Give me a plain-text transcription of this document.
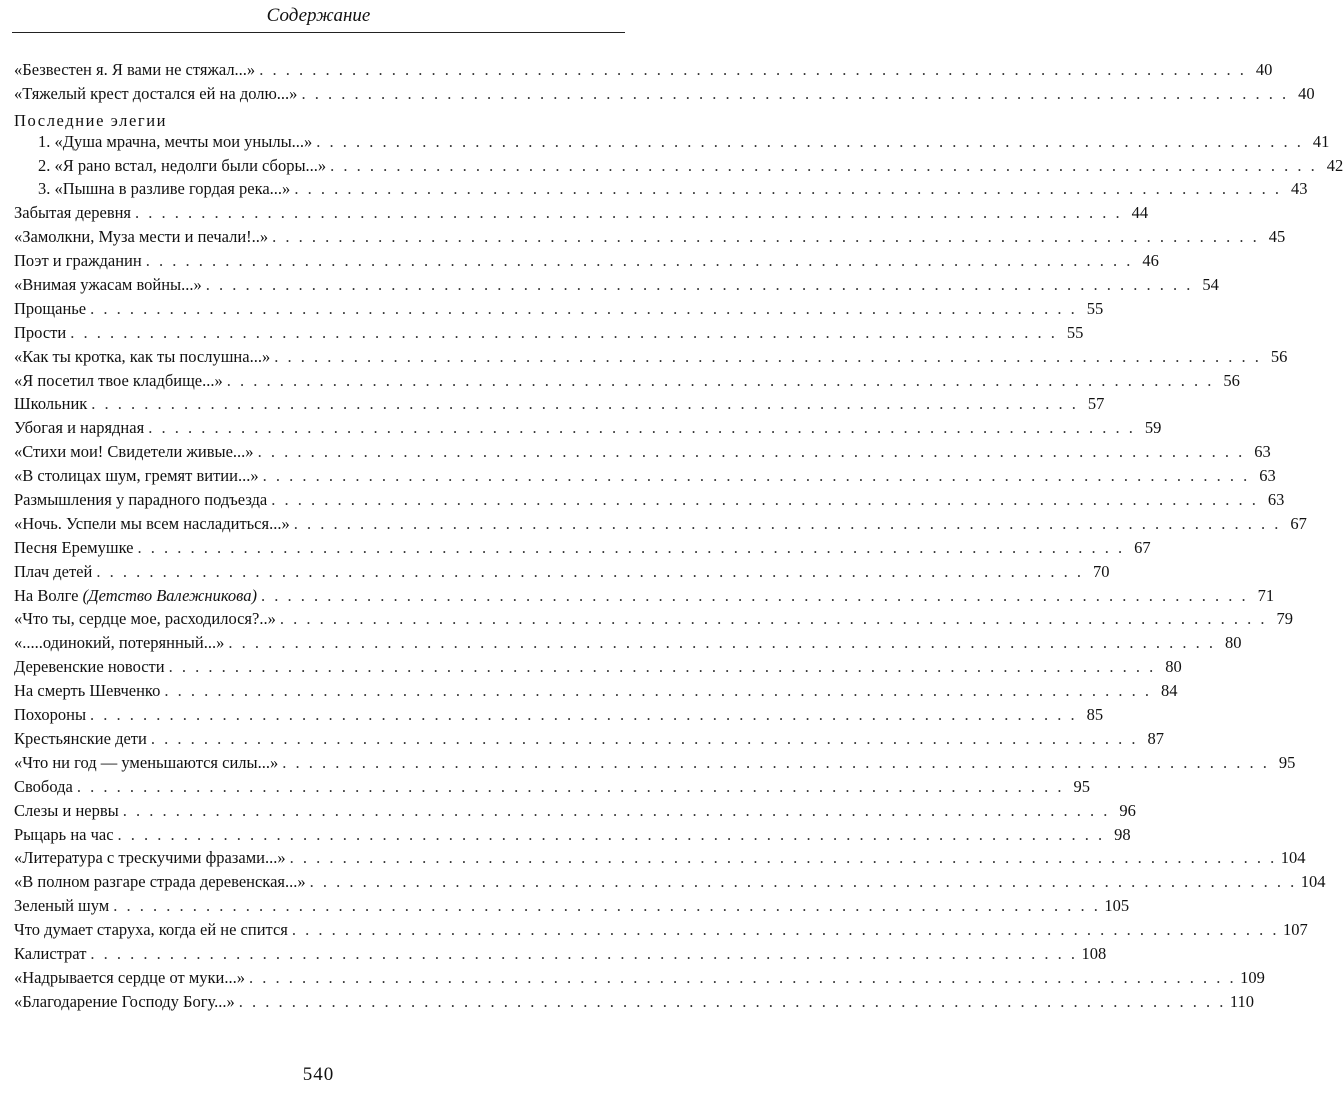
Содержание
«Безвестен я. Я вами не стяжал...» . . . . . . . . . . . . . . . . . . . . . . . . . . . . . . . . . . . . . . . . . . . . . . . . . . . . . . . . . . . . . . . . . . . . . . . . . . . 40
«Тяжелый крест достался ей на долю...» . . . . . . . . . . . . . . . . . . . . . . . . . . . . . . . . . . . . . . . . . . . . . . . . . . . . . . . . . . . . . . . . . . . . . . . . . . . 40
Последние элегии
1. «Душа мрачна, мечты мои унылы...» . . . . . . . . . . . . . . . . . . . . . . . . . . . . . . . . . . . . . . . . . . . . . . . . . . . . . . . . . . . . . . . . . . . . . . . . . . . 41
2. «Я рано встал, недолги были сборы...» . . . . . . . . . . . . . . . . . . . . . . . . . . . . . . . . . . . . . . . . . . . . . . . . . . . . . . . . . . . . . . . . . . . . . . . . . . . 42
3. «Пышна в разливе гордая река...» . . . . . . . . . . . . . . . . . . . . . . . . . . . . . . . . . . . . . . . . . . . . . . . . . . . . . . . . . . . . . . . . . . . . . . . . . . . 43
Забытая деревня . . . . . . . . . . . . . . . . . . . . . . . . . . . . . . . . . . . . . . . . . . . . . . . . . . . . . . . . . . . . . . . . . . . . . . . . . . . 44
«Замолкни, Муза мести и печали!..» . . . . . . . . . . . . . . . . . . . . . . . . . . . . . . . . . . . . . . . . . . . . . . . . . . . . . . . . . . . . . . . . . . . . . . . . . . . 45
Поэт и гражданин . . . . . . . . . . . . . . . . . . . . . . . . . . . . . . . . . . . . . . . . . . . . . . . . . . . . . . . . . . . . . . . . . . . . . . . . . . . 46
«Внимая ужасам войны...» . . . . . . . . . . . . . . . . . . . . . . . . . . . . . . . . . . . . . . . . . . . . . . . . . . . . . . . . . . . . . . . . . . . . . . . . . . . 54
Прощанье . . . . . . . . . . . . . . . . . . . . . . . . . . . . . . . . . . . . . . . . . . . . . . . . . . . . . . . . . . . . . . . . . . . . . . . . . . . 55
Прости . . . . . . . . . . . . . . . . . . . . . . . . . . . . . . . . . . . . . . . . . . . . . . . . . . . . . . . . . . . . . . . . . . . . . . . . . . . 55
«Как ты кротка, как ты послушна...» . . . . . . . . . . . . . . . . . . . . . . . . . . . . . . . . . . . . . . . . . . . . . . . . . . . . . . . . . . . . . . . . . . . . . . . . . . . 56
«Я посетил твое кладбище...» . . . . . . . . . . . . . . . . . . . . . . . . . . . . . . . . . . . . . . . . . . . . . . . . . . . . . . . . . . . . . . . . . . . . . . . . . . . 56
Школьник . . . . . . . . . . . . . . . . . . . . . . . . . . . . . . . . . . . . . . . . . . . . . . . . . . . . . . . . . . . . . . . . . . . . . . . . . . . 57
Убогая и нарядная . . . . . . . . . . . . . . . . . . . . . . . . . . . . . . . . . . . . . . . . . . . . . . . . . . . . . . . . . . . . . . . . . . . . . . . . . . . 59
«Стихи мои! Свидетели живые...» . . . . . . . . . . . . . . . . . . . . . . . . . . . . . . . . . . . . . . . . . . . . . . . . . . . . . . . . . . . . . . . . . . . . . . . . . . . 63
«В столицах шум, гремят витии...» . . . . . . . . . . . . . . . . . . . . . . . . . . . . . . . . . . . . . . . . . . . . . . . . . . . . . . . . . . . . . . . . . . . . . . . . . . . 63
Размышления у парадного подъезда . . . . . . . . . . . . . . . . . . . . . . . . . . . . . . . . . . . . . . . . . . . . . . . . . . . . . . . . . . . . . . . . . . . . . . . . . . . 63
«Ночь. Успели мы всем насладиться...» . . . . . . . . . . . . . . . . . . . . . . . . . . . . . . . . . . . . . . . . . . . . . . . . . . . . . . . . . . . . . . . . . . . . . . . . . . . 67
Песня Еремушке . . . . . . . . . . . . . . . . . . . . . . . . . . . . . . . . . . . . . . . . . . . . . . . . . . . . . . . . . . . . . . . . . . . . . . . . . . . 67
Плач детей . . . . . . . . . . . . . . . . . . . . . . . . . . . . . . . . . . . . . . . . . . . . . . . . . . . . . . . . . . . . . . . . . . . . . . . . . . . 70
На Волге (Детство Валежникова) . . . . . . . . . . . . . . . . . . . . . . . . . . . . . . . . . . . . . . . . . . . . . . . . . . . . . . . . . . . . . . . . . . . . . . . . . . . 71
«Что ты, сердце мое, расходилося?..» . . . . . . . . . . . . . . . . . . . . . . . . . . . . . . . . . . . . . . . . . . . . . . . . . . . . . . . . . . . . . . . . . . . . . . . . . . . 79
«.....одинокий, потерянный...» . . . . . . . . . . . . . . . . . . . . . . . . . . . . . . . . . . . . . . . . . . . . . . . . . . . . . . . . . . . . . . . . . . . . . . . . . . . 80
Деревенские новости . . . . . . . . . . . . . . . . . . . . . . . . . . . . . . . . . . . . . . . . . . . . . . . . . . . . . . . . . . . . . . . . . . . . . . . . . . . 80
На смерть Шевченко . . . . . . . . . . . . . . . . . . . . . . . . . . . . . . . . . . . . . . . . . . . . . . . . . . . . . . . . . . . . . . . . . . . . . . . . . . . 84
Похороны . . . . . . . . . . . . . . . . . . . . . . . . . . . . . . . . . . . . . . . . . . . . . . . . . . . . . . . . . . . . . . . . . . . . . . . . . . . 85
Крестьянские дети . . . . . . . . . . . . . . . . . . . . . . . . . . . . . . . . . . . . . . . . . . . . . . . . . . . . . . . . . . . . . . . . . . . . . . . . . . . 87
«Что ни год — уменьшаются силы...» . . . . . . . . . . . . . . . . . . . . . . . . . . . . . . . . . . . . . . . . . . . . . . . . . . . . . . . . . . . . . . . . . . . . . . . . . . . 95
Свобода . . . . . . . . . . . . . . . . . . . . . . . . . . . . . . . . . . . . . . . . . . . . . . . . . . . . . . . . . . . . . . . . . . . . . . . . . . . 95
Слезы и нервы . . . . . . . . . . . . . . . . . . . . . . . . . . . . . . . . . . . . . . . . . . . . . . . . . . . . . . . . . . . . . . . . . . . . . . . . . . . 96
Рыцарь на час . . . . . . . . . . . . . . . . . . . . . . . . . . . . . . . . . . . . . . . . . . . . . . . . . . . . . . . . . . . . . . . . . . . . . . . . . . . 98
«Литература с трескучими фразами...» . . . . . . . . . . . . . . . . . . . . . . . . . . . . . . . . . . . . . . . . . . . . . . . . . . . . . . . . . . . . . . . . . . . . . . . . . . . 104
«В полном разгаре страда деревенская...» . . . . . . . . . . . . . . . . . . . . . . . . . . . . . . . . . . . . . . . . . . . . . . . . . . . . . . . . . . . . . . . . . . . . . . . . . . . 104
Зеленый шум . . . . . . . . . . . . . . . . . . . . . . . . . . . . . . . . . . . . . . . . . . . . . . . . . . . . . . . . . . . . . . . . . . . . . . . . . . . 105
Что думает старуха, когда ей не спится . . . . . . . . . . . . . . . . . . . . . . . . . . . . . . . . . . . . . . . . . . . . . . . . . . . . . . . . . . . . . . . . . . . . . . . . . . . 107
Калистрат . . . . . . . . . . . . . . . . . . . . . . . . . . . . . . . . . . . . . . . . . . . . . . . . . . . . . . . . . . . . . . . . . . . . . . . . . . . 108
«Надрывается сердце от муки...» . . . . . . . . . . . . . . . . . . . . . . . . . . . . . . . . . . . . . . . . . . . . . . . . . . . . . . . . . . . . . . . . . . . . . . . . . . . 109
«Благодарение Господу Богу...» . . . . . . . . . . . . . . . . . . . . . . . . . . . . . . . . . . . . . . . . . . . . . . . . . . . . . . . . . . . . . . . . . . . . . . . . . . . 110
540
